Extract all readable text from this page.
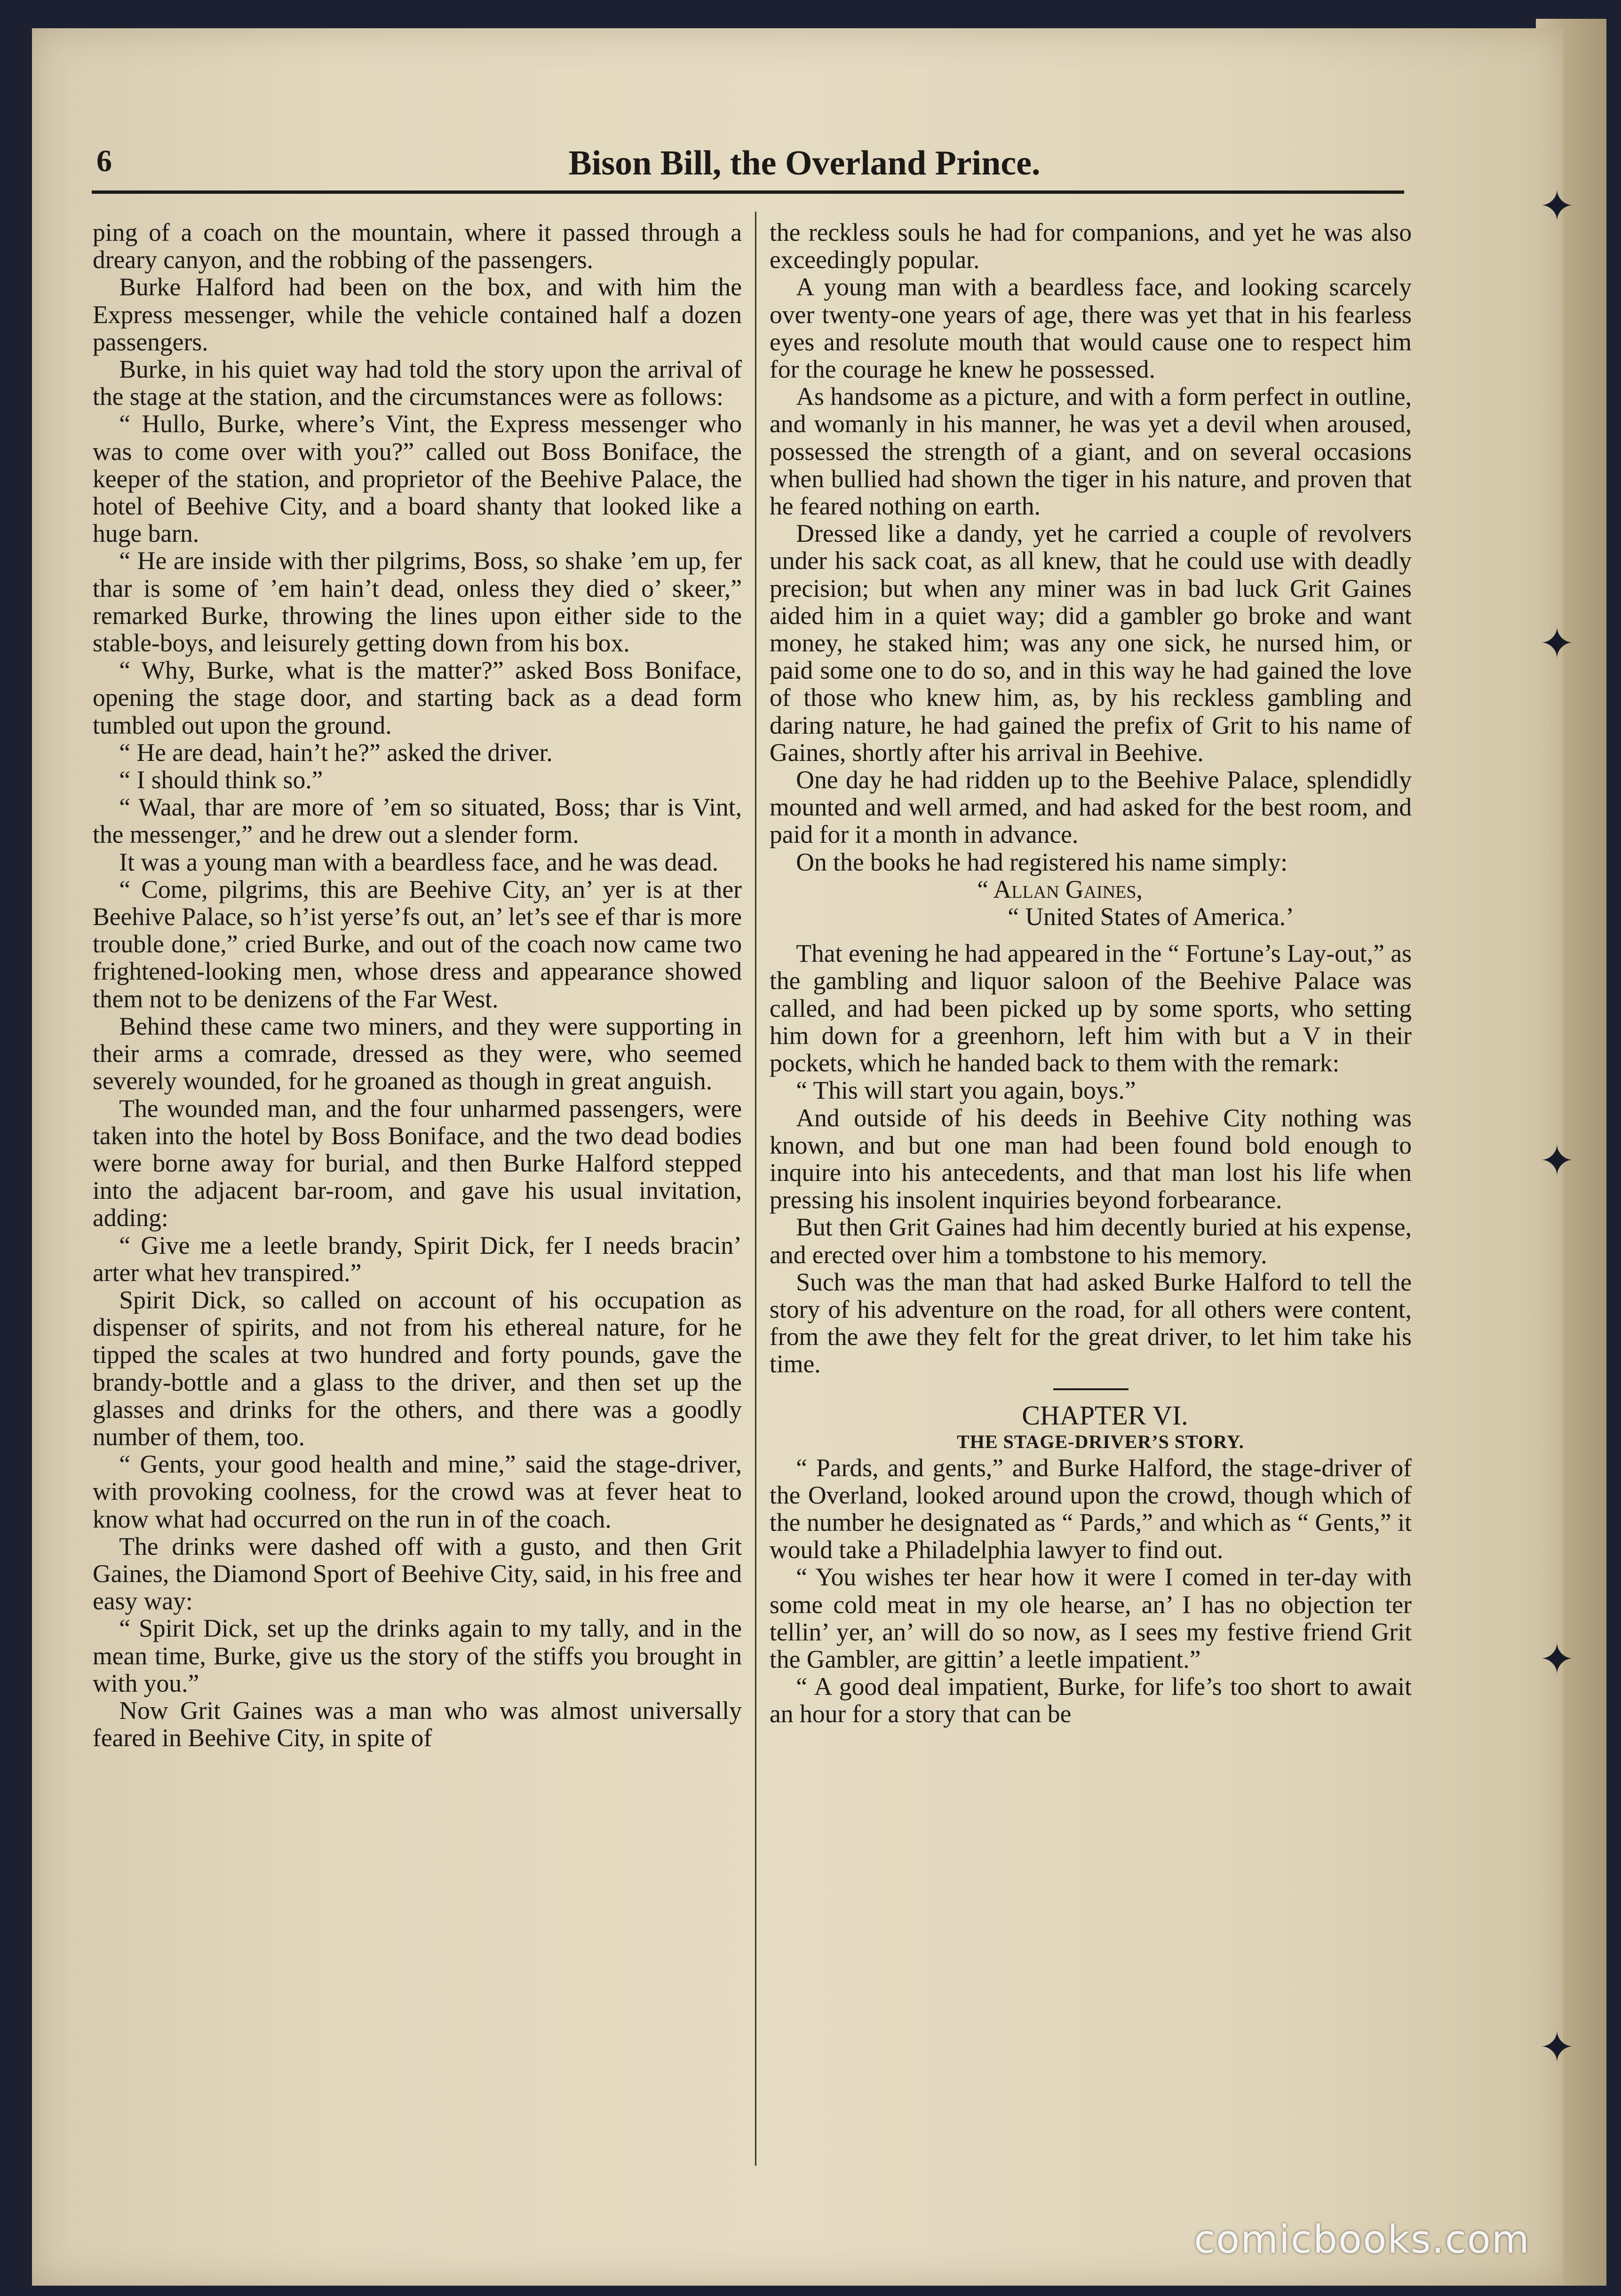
✦
✦
✦
✦
✦
6	Bison Bill, the Overland Prince.

ping of a coach on the mountain, where it passed through a dreary canyon, and the robbing of the passengers.

Burke Halford had been on the box, and with him the Express messenger, while the vehicle contained half a dozen passengers.

Burke, in his quiet way had told the story upon the arrival of the stage at the station, and the circumstances were as follows:

“ Hullo, Burke, where’s Vint, the Express messenger who was to come over with you?” called out Boss Boniface, the keeper of the station, and proprietor of the Beehive Palace, the hotel of Beehive City, and a board shanty that looked like a huge barn.

“ He are inside with ther pilgrims, Boss, so shake ’em up, fer thar is some of ’em hain’t dead, onless they died o’ skeer,” remarked Burke, throwing the lines upon either side to the stable-boys, and leisurely getting down from his box.

“ Why, Burke, what is the matter?” asked Boss Boniface, opening the stage door, and starting back as a dead form tumbled out upon the ground.

“ He are dead, hain’t he?” asked the driver.

“ I should think so.”

“ Waal, thar are more of ’em so situated, Boss; thar is Vint, the messenger,” and he drew out a slender form.

It was a young man with a beardless face, and he was dead.

“ Come, pilgrims, this are Beehive City, an’ yer is at ther Beehive Palace, so h’ist yerse’fs out, an’ let’s see ef thar is more trouble done,” cried Burke, and out of the coach now came two frightened-looking men, whose dress and appearance showed them not to be denizens of the Far West.

Behind these came two miners, and they were supporting in their arms a comrade, dressed as they were, who seemed severely wounded, for he groaned as though in great anguish.

The wounded man, and the four unharmed passengers, were taken into the hotel by Boss Boniface, and the two dead bodies were borne away for burial, and then Burke Halford stepped into the adjacent bar-room, and gave his usual invitation, adding:

“ Give me a leetle brandy, Spirit Dick, fer I needs bracin’ arter what hev transpired.”

Spirit Dick, so called on account of his occupation as dispenser of spirits, and not from his ethereal nature, for he tipped the scales at two hundred and forty pounds, gave the brandy-bottle and a glass to the driver, and then set up the glasses and drinks for the others, and there was a goodly number of them, too.

“ Gents, your good health and mine,” said the stage-driver, with provoking coolness, for the crowd was at fever heat to know what had occurred on the run in of the coach.

The drinks were dashed off with a gusto, and then Grit Gaines, the Diamond Sport of Beehive City, said, in his free and easy way:

“ Spirit Dick, set up the drinks again to my tally, and in the mean time, Burke, give us the story of the stiffs you brought in with you.”

Now Grit Gaines was a man who was almost universally feared in Beehive City, in spite of

the reckless souls he had for companions, and yet he was also exceedingly popular.

A young man with a beardless face, and looking scarcely over twenty-one years of age, there was yet that in his fearless eyes and resolute mouth that would cause one to respect him for the courage he knew he possessed.

As handsome as a picture, and with a form perfect in outline, and womanly in his manner, he was yet a devil when aroused, possessed the strength of a giant, and on several occasions when bullied had shown the tiger in his nature, and proven that he feared nothing on earth.

Dressed like a dandy, yet he carried a couple of revolvers under his sack coat, as all knew, that he could use with deadly precision; but when any miner was in bad luck Grit Gaines aided him in a quiet way; did a gambler go broke and want money, he staked him; was any one sick, he nursed him, or paid some one to do so, and in this way he had gained the love of those who knew him, as, by his reckless gambling and daring nature, he had gained the prefix of Grit to his name of Gaines, shortly after his arrival in Beehive.

One day he had ridden up to the Beehive Palace, splendidly mounted and well armed, and had asked for the best room, and paid for it a month in advance.

On the books he had registered his name simply:

“ Allan Gaines,

“ United States of America.’

That evening he had appeared in the “ Fortune’s Lay-out,” as the gambling and liquor saloon of the Beehive Palace was called, and had been picked up by some sports, who setting him down for a greenhorn, left him with but a V in their pockets, which he handed back to them with the remark:

“ This will start you again, boys.”

And outside of his deeds in Beehive City nothing was known, and but one man had been found bold enough to inquire into his antecedents, and that man lost his life when pressing his insolent inquiries beyond forbearance.

But then Grit Gaines had him decently buried at his expense, and erected over him a tombstone to his memory.

Such was the man that had asked Burke Halford to tell the story of his adventure on the road, for all others were content, from the awe they felt for the great driver, to let him take his time.

CHAPTER VI.

THE STAGE-DRIVER’S STORY.

“ Pards, and gents,” and Burke Halford, the stage-driver of the Overland, looked around upon the crowd, though which of the number he designated as “ Pards,” and which as “ Gents,” it would take a Philadelphia lawyer to find out.

“ You wishes ter hear how it were I comed in ter-day with some cold meat in my ole hearse, an’ I has no objection ter tellin’ yer, an’ will do so now, as I sees my festive friend Grit the Gambler, are gittin’ a leetle impatient.”

“ A good deal impatient, Burke, for life’s too short to await an hour for a story that can be

comicbooks.com
